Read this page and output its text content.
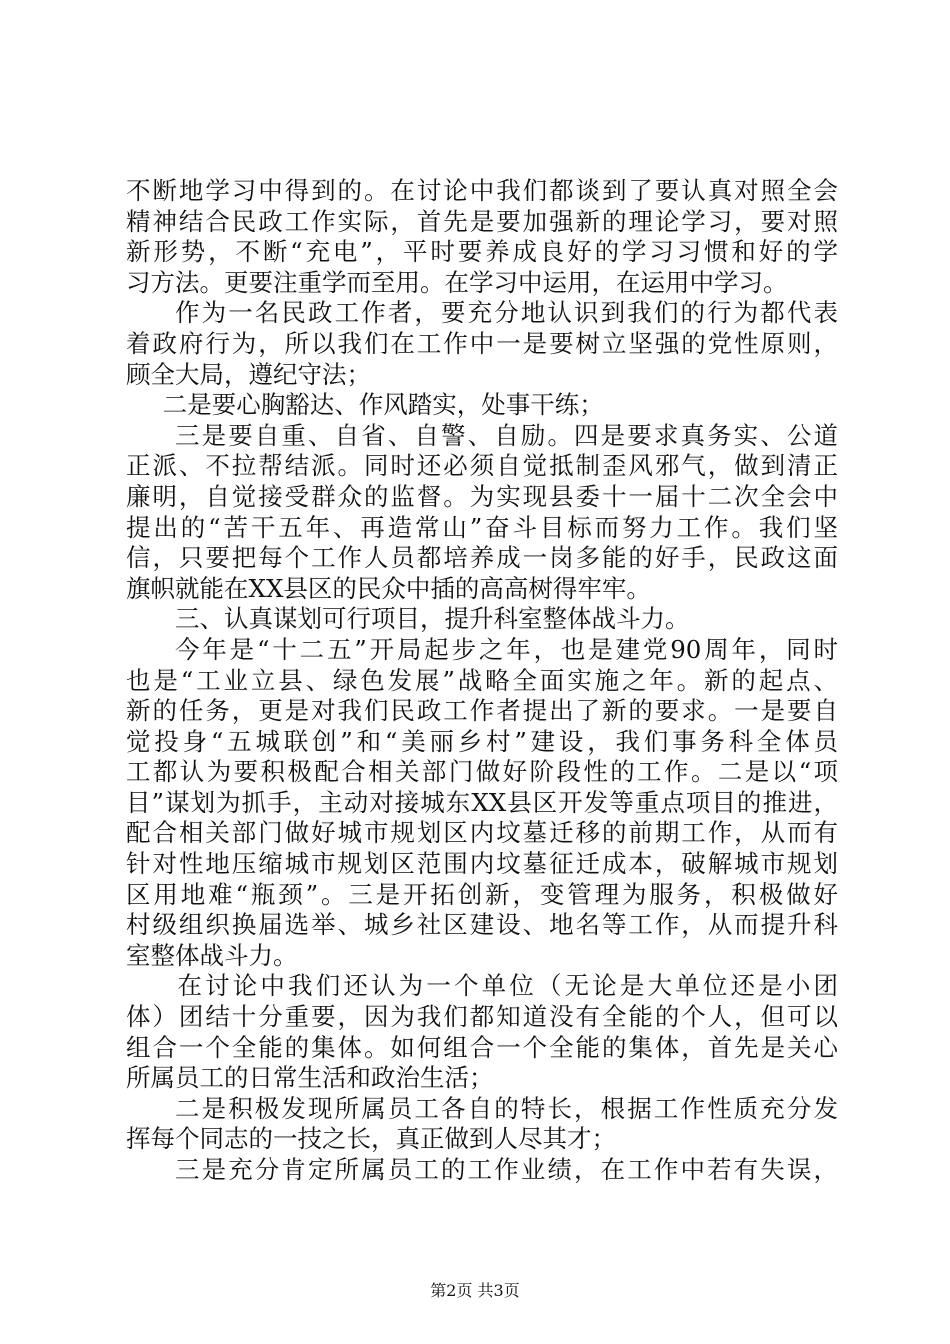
不断地学习中得到的。在讨论中我们都谈到了要认真对照全会
精神结合民政工作实际，首先是要加强新的理论学习，要对照
新形势，不断“充电”，平时要养成良好的学习习惯和好的学
习方法。更要注重学而至用。在学习中运用，在运用中学习。
作为一名民政工作者，要充分地认识到我们的行为都代表
着政府行为，所以我们在工作中一是要树立坚强的党性原则，
顾全大局，遵纪守法；
二是要心胸豁达、作风踏实，处事干练；
三是要自重、自省、自警、自励。四是要求真务实、公道
正派、不拉帮结派。同时还必须自觉抵制歪风邪气，做到清正
廉明，自觉接受群众的监督。为实现县委十一届十二次全会中
提出的“苦干五年、再造常山”奋斗目标而努力工作。我们坚
信，只要把每个工作人员都培养成一岗多能的好手，民政这面
旗帜就能在XX县区的民众中插的高高树得牢牢。
三、认真谋划可行项目，提升科室整体战斗力。
今年是“十二五”开局起步之年，也是建党90周年，同时
也是“工业立县、绿色发展”战略全面实施之年。新的起点、
新的任务，更是对我们民政工作者提出了新的要求。一是要自
觉投身“五城联创”和“美丽乡村”建设，我们事务科全体员
工都认为要积极配合相关部门做好阶段性的工作。二是以“项
目”谋划为抓手，主动对接城东XX县区开发等重点项目的推进，
配合相关部门做好城市规划区内坟墓迁移的前期工作，从而有
针对性地压缩城市规划区范围内坟墓征迁成本，破解城市规划
区用地难“瓶颈”。三是开拓创新，变管理为服务，积极做好
村级组织换届选举、城乡社区建设、地名等工作，从而提升科
室整体战斗力。
在讨论中我们还认为一个单位（无论是大单位还是小团
体）团结十分重要，因为我们都知道没有全能的个人，但可以
组合一个全能的集体。如何组合一个全能的集体，首先是关心
所属员工的日常生活和政治生活；
二是积极发现所属员工各自的特长，根据工作性质充分发
挥每个同志的一技之长，真正做到人尽其才；
三是充分肯定所属员工的工作业绩，在工作中若有失误，
第2页 共3页
